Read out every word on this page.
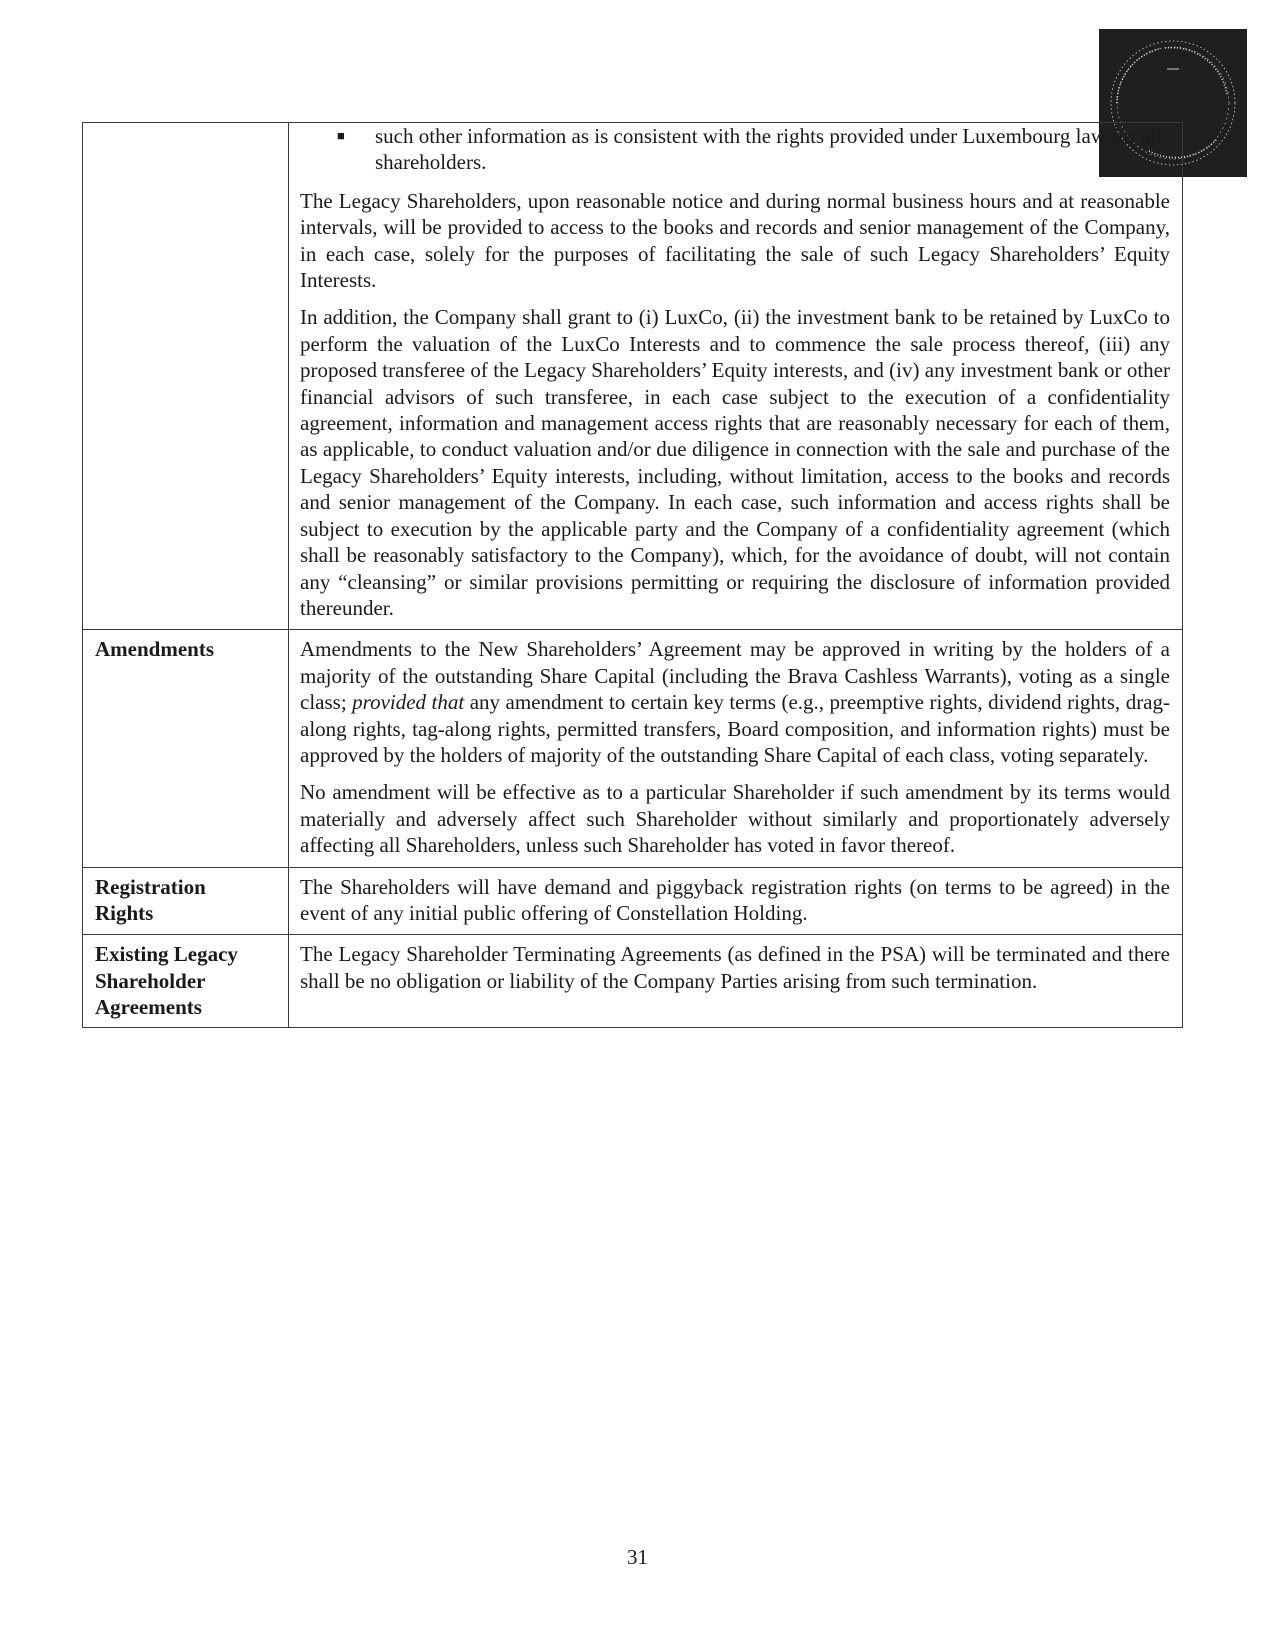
	■ such other information as is consistent with the rights provided under Luxembourg law for all shareholders.

The Legacy Shareholders, upon reasonable notice and during normal business hours and at reasonable intervals, will be provided to access to the books and records and senior management of the Company, in each case, solely for the purposes of facilitating the sale of such Legacy Shareholders’ Equity Interests.

In addition, the Company shall grant to (i) LuxCo, (ii) the investment bank to be retained by LuxCo to perform the valuation of the LuxCo Interests and to commence the sale process thereof, (iii) any proposed transferee of the Legacy Shareholders’ Equity interests, and (iv) any investment bank or other financial advisors of such transferee, in each case subject to the execution of a confidentiality agreement, information and management access rights that are reasonably necessary for each of them, as applicable, to conduct valuation and/or due diligence in connection with the sale and purchase of the Legacy Shareholders’ Equity interests, including, without limitation, access to the books and records and senior management of the Company. In each case, such information and access rights shall be subject to execution by the applicable party and the Company of a confidentiality agreement (which shall be reasonably satisfactory to the Company), which, for the avoidance of doubt, will not contain any “cleansing” or similar provisions permitting or requiring the disclosure of information provided thereunder.

Amendments	Amendments to the New Shareholders’ Agreement may be approved in writing by the holders of a majority of the outstanding Share Capital (including the Brava Cashless Warrants), voting as a single class; provided that any amendment to certain key terms (e.g., preemptive rights, dividend rights, drag-along rights, tag-along rights, permitted transfers, Board composition, and information rights) must be approved by the holders of majority of the outstanding Share Capital of each class, voting separately.

No amendment will be effective as to a particular Shareholder if such amendment by its terms would materially and adversely affect such Shareholder without similarly and proportionately adversely affecting all Shareholders, unless such Shareholder has voted in favor thereof.

Registration
Rights	The Shareholders will have demand and piggyback registration rights (on terms to be agreed) in the event of any initial public offering of Constellation Holding.

Existing Legacy
Shareholder
Agreements	The Legacy Shareholder Terminating Agreements (as defined in the PSA) will be terminated and there shall be no obligation or liability of the Company Parties arising from such termination.

31
